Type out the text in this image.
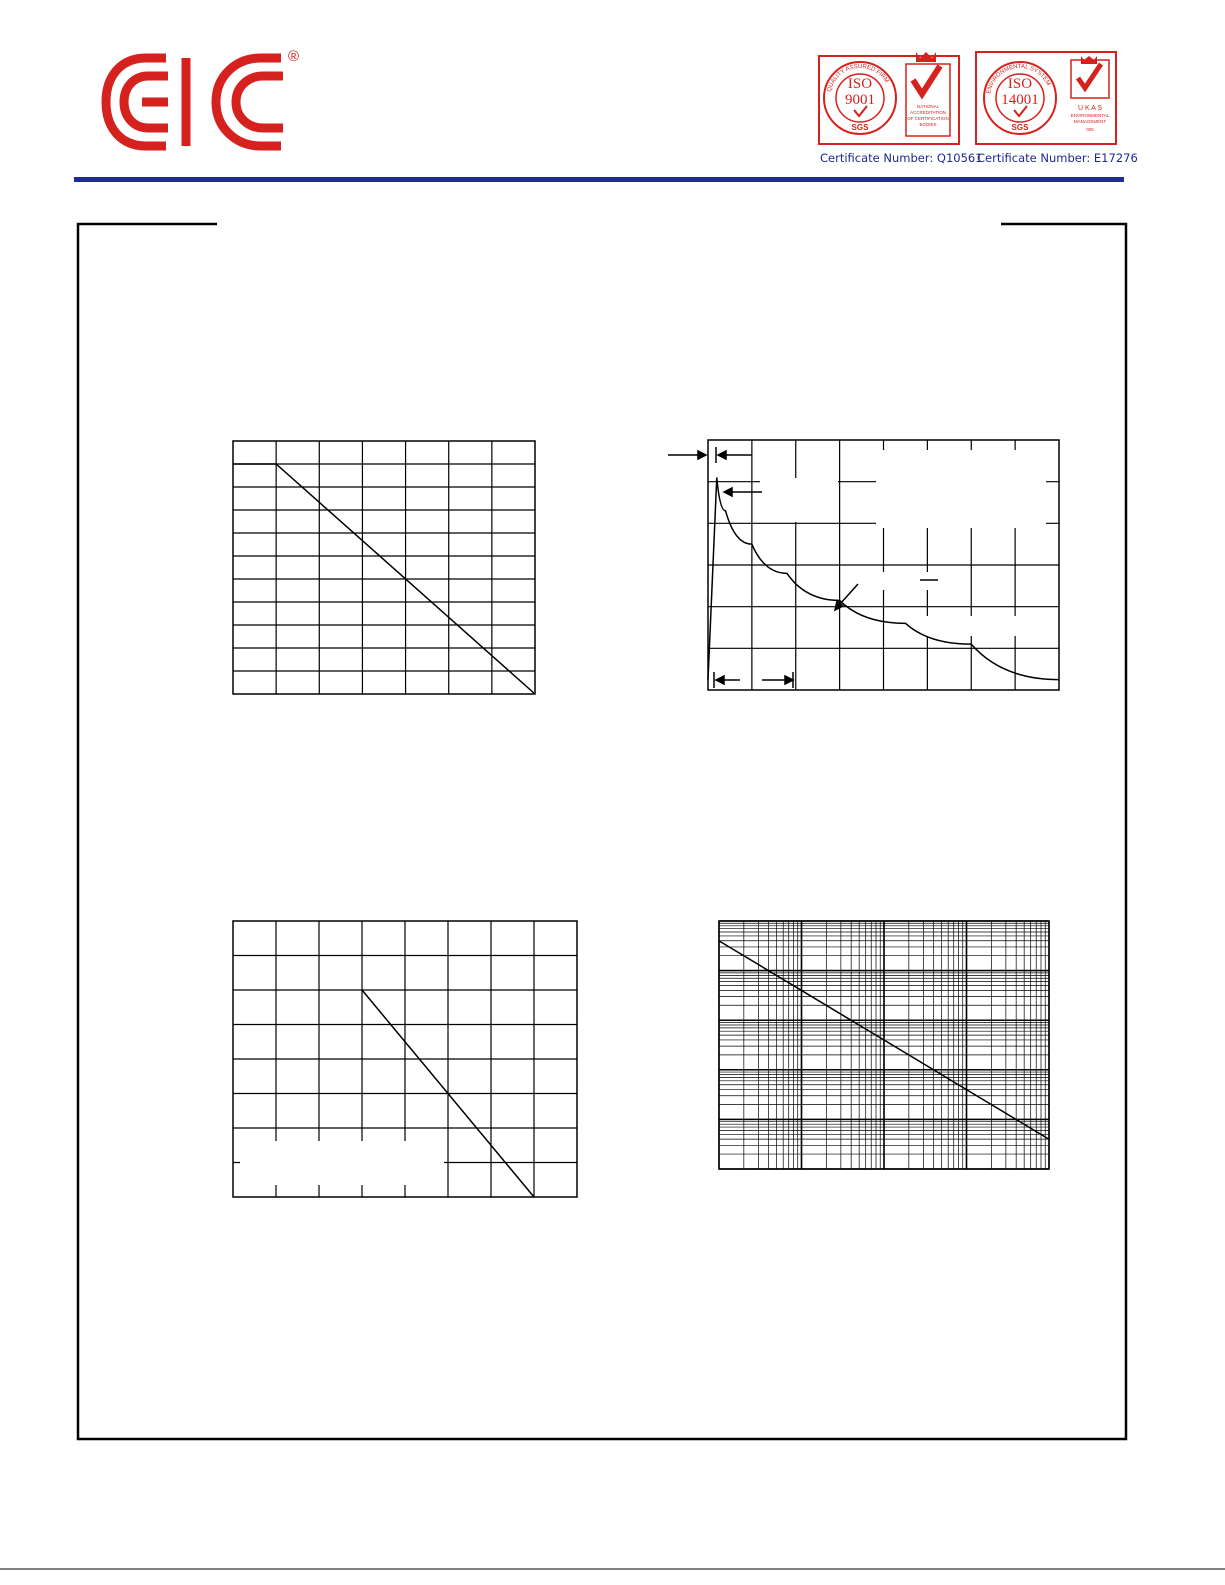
®
ISO
9001
SGS
NATIONAL
ACCREDITATION
OF CERTIFICATION
BODIES
QUALITY ASSURED FIRM
Certificate Number: Q10561
ISO
14001
SGS
U K A S
ENVIRONMENTAL
MANAGEMENT
005
ENVIRONMENTAL SYSTEM
Certificate Number: E17276
